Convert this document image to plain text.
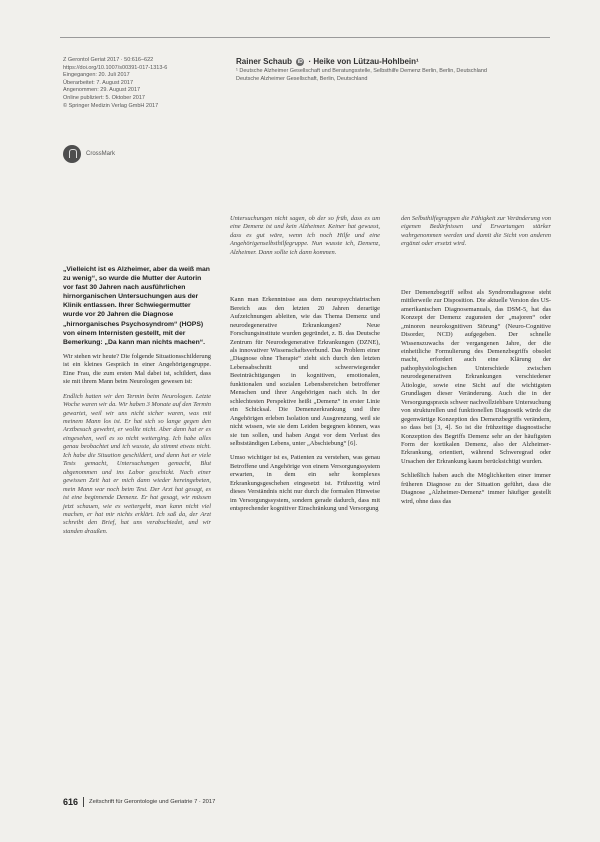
Z Gerontol Geriat 2017 · 50:616–622
https://doi.org/10.1007/s00391-017-1313-6
Eingegangen: 20. Juli 2017
Überarbeitet: 7. August 2017
Angenommen: 29. August 2017
Online publiziert: 5. Oktober 2017
© Springer Medizin Verlag GmbH 2017
Rainer Schaub iD · Heike von Lützau-Hohlbein¹
¹ Deutsche Alzheimer Gesellschaft und Beratungsstelle, Selbsthilfe Demenz Berlin, Berlin, Deutschland
Deutsche Alzheimer Gesellschaft, Berlin, Deutschland
CrossMark

„Vielleicht ist es Alzheimer, aber da weiß man zu wenig“, so wurde die Mutter der Autorin vor fast 30 Jahren nach ausführlichen hirnorganischen Untersuchungen aus der Klinik entlassen. Ihrer Schwiegermutter wurde vor 20 Jahren die Diagnose „hirnorganisches Psychosyndrom“ (HOPS) von einem Internisten gestellt, mit der Bemerkung: „Da kann man nichts machen“.

Wir stehen wir heute? Die folgende Situationsschilderung ist ein kleines Gespräch in einer Angehörigengruppe. Eine Frau, die zum ersten Mal dabei ist, schildert, dass sie mit ihrem Mann beim Neurologen gewesen ist:

Endlich hatten wir den Termin beim Neurologen. Letzte Woche waren wir da. Wir haben 3 Monate auf den Termin gewartet, weil wir uns nicht sicher waren, was mit meinem Mann los ist. Er hat sich so lange gegen den Arztbesuch gewehrt, er wollte nicht. Aber dann hat er es eingesehen, weil es so nicht weiterging. Ich habe alles genau beobachtet und ich wusste, da stimmt etwas nicht. Ich habe die Situation geschildert, und dann hat er viele Tests gemacht, Untersuchungen gemacht, Blut abgenommen und ins Labor geschickt. Nach einer gewissen Zeit hat er mich dann wieder hereingebeten, mein Mann war noch beim Test. Der Arzt hat gesagt, es ist eine beginnende Demenz. Er hat gesagt, wir müssen jetzt schauen, wie es weitergeht, man kann nicht viel machen, er hat mir nichts erklärt. Ich saß da, der Arzt schreibt den Brief, hat uns verabschiedet, und wir standen draußen.

Untersuchungen nicht sagen, ob der so früh, dass es um eine Demenz ist und kein Alzheimer. Keiner hat gewusst, dass es gut wäre, wenn ich noch Hilfe und eine Angehörigenselbsthilfegruppe. Nun wusste ich, Demenz, Alzheimer. Dann sollte ich dann kommen.

Kann man Erkenntnisse aus dem neuropsychiatrischen Bereich aus den letzten 20 Jahren derartige Aufzeichnungen ableiten, wie das Thema Demenz und neurodegenerative Erkrankungen? Neue Forschungsinstitute wurden gegründet, z. B. das Deutsche Zentrum für Neurodegenerative Erkrankungen (DZNE), als innovativer Wissenschaftsverbund. Das Problem einer „Diagnose ohne Therapie“ zieht sich durch den letzten Lebensabschnitt und schwerwiegender Beeinträchtigungen in kognitiven, emotionalen, funktionalen und sozialen Lebensbereichen betroffener Menschen und ihrer Angehörigen nach sich. In der schlechtesten Perspektive heißt „Demenz“ in erster Linie ein Schicksal. Die Demenzerkrankung und ihre Angehörigen erleben Isolation und Ausgrenzung, weil sie nicht wissen, wie sie dem Leiden begegnen können, was sie tun sollen, und haben Angst vor dem Verlust des selbstständigen Lebens, unter „Abschiebung“ [6].

Umso wichtiger ist es, Patienten zu verstehen, was genau Betroffene und Angehörige von einem Versorgungssystem erwarten, in dem ein sehr komplexes Erkrankungsgeschehen eingesetzt ist. Frühzeitig wird dieses Verständnis nicht nur durch die formalen Hinweise im Versorgungssystem, sondern gerade dadurch, dass mit entsprechender kognitiver Einschränkung und Versorgung

den Selbsthilfegruppen die Fähigkeit zur Veränderung von eigenen Bedürfnissen und Erwartungen stärker wahrgenommen werden und damit die Sicht von anderen ergänzt oder ersetzt wird.

Der Demenzbegriff selbst als Syndromdiagnose steht mittlerweile zur Disposition. Die aktuelle Version des US-amerikanischen Diagnosemanuals, das DSM-5, hat das Konzept der Demenz zugunsten der „majoren“ oder „minoren neurokognitiven Störung“ (Neuro-Cognitive Disorder, NCD) aufgegeben. Der schnelle Wissenszuwachs der vergangenen Jahre, der die einheitliche Formulierung des Demenzbegriffs obsolet macht, erfordert auch eine Klärung der pathophysiologischen Unterschiede zwischen neurodegenerativen Erkrankungen verschiedener Ätiologie, sowie eine Sicht auf die wichtigsten Grundlagen dieser Veränderung. Auch die in der Versorgungspraxis schwer nachvollziehbare Untersuchung von strukturellen und funktionellen Diagnostik würde die gegenwärtige Konzeption des Demenzbegriffs verändern, so dass bei [3, 4]. So ist die frühzeitige diagnostische Konzeption des Begriffs Demenz sehr an der häufigsten Form der kortikalen Demenz, also der Alzheimer-Erkrankung, orientiert, während Schweregrad oder Ursachen der Erkrankung kaum berücksichtigt wurden.

Schließlich haben auch die Möglichkeiten einer immer früheren Diagnose zu der Situation geführt, dass die Diagnose „Alzheimer-Demenz“ immer häufiger gestellt wird, ohne dass das

616 Zeitschrift für Gerontologie und Geriatrie 7 · 2017
